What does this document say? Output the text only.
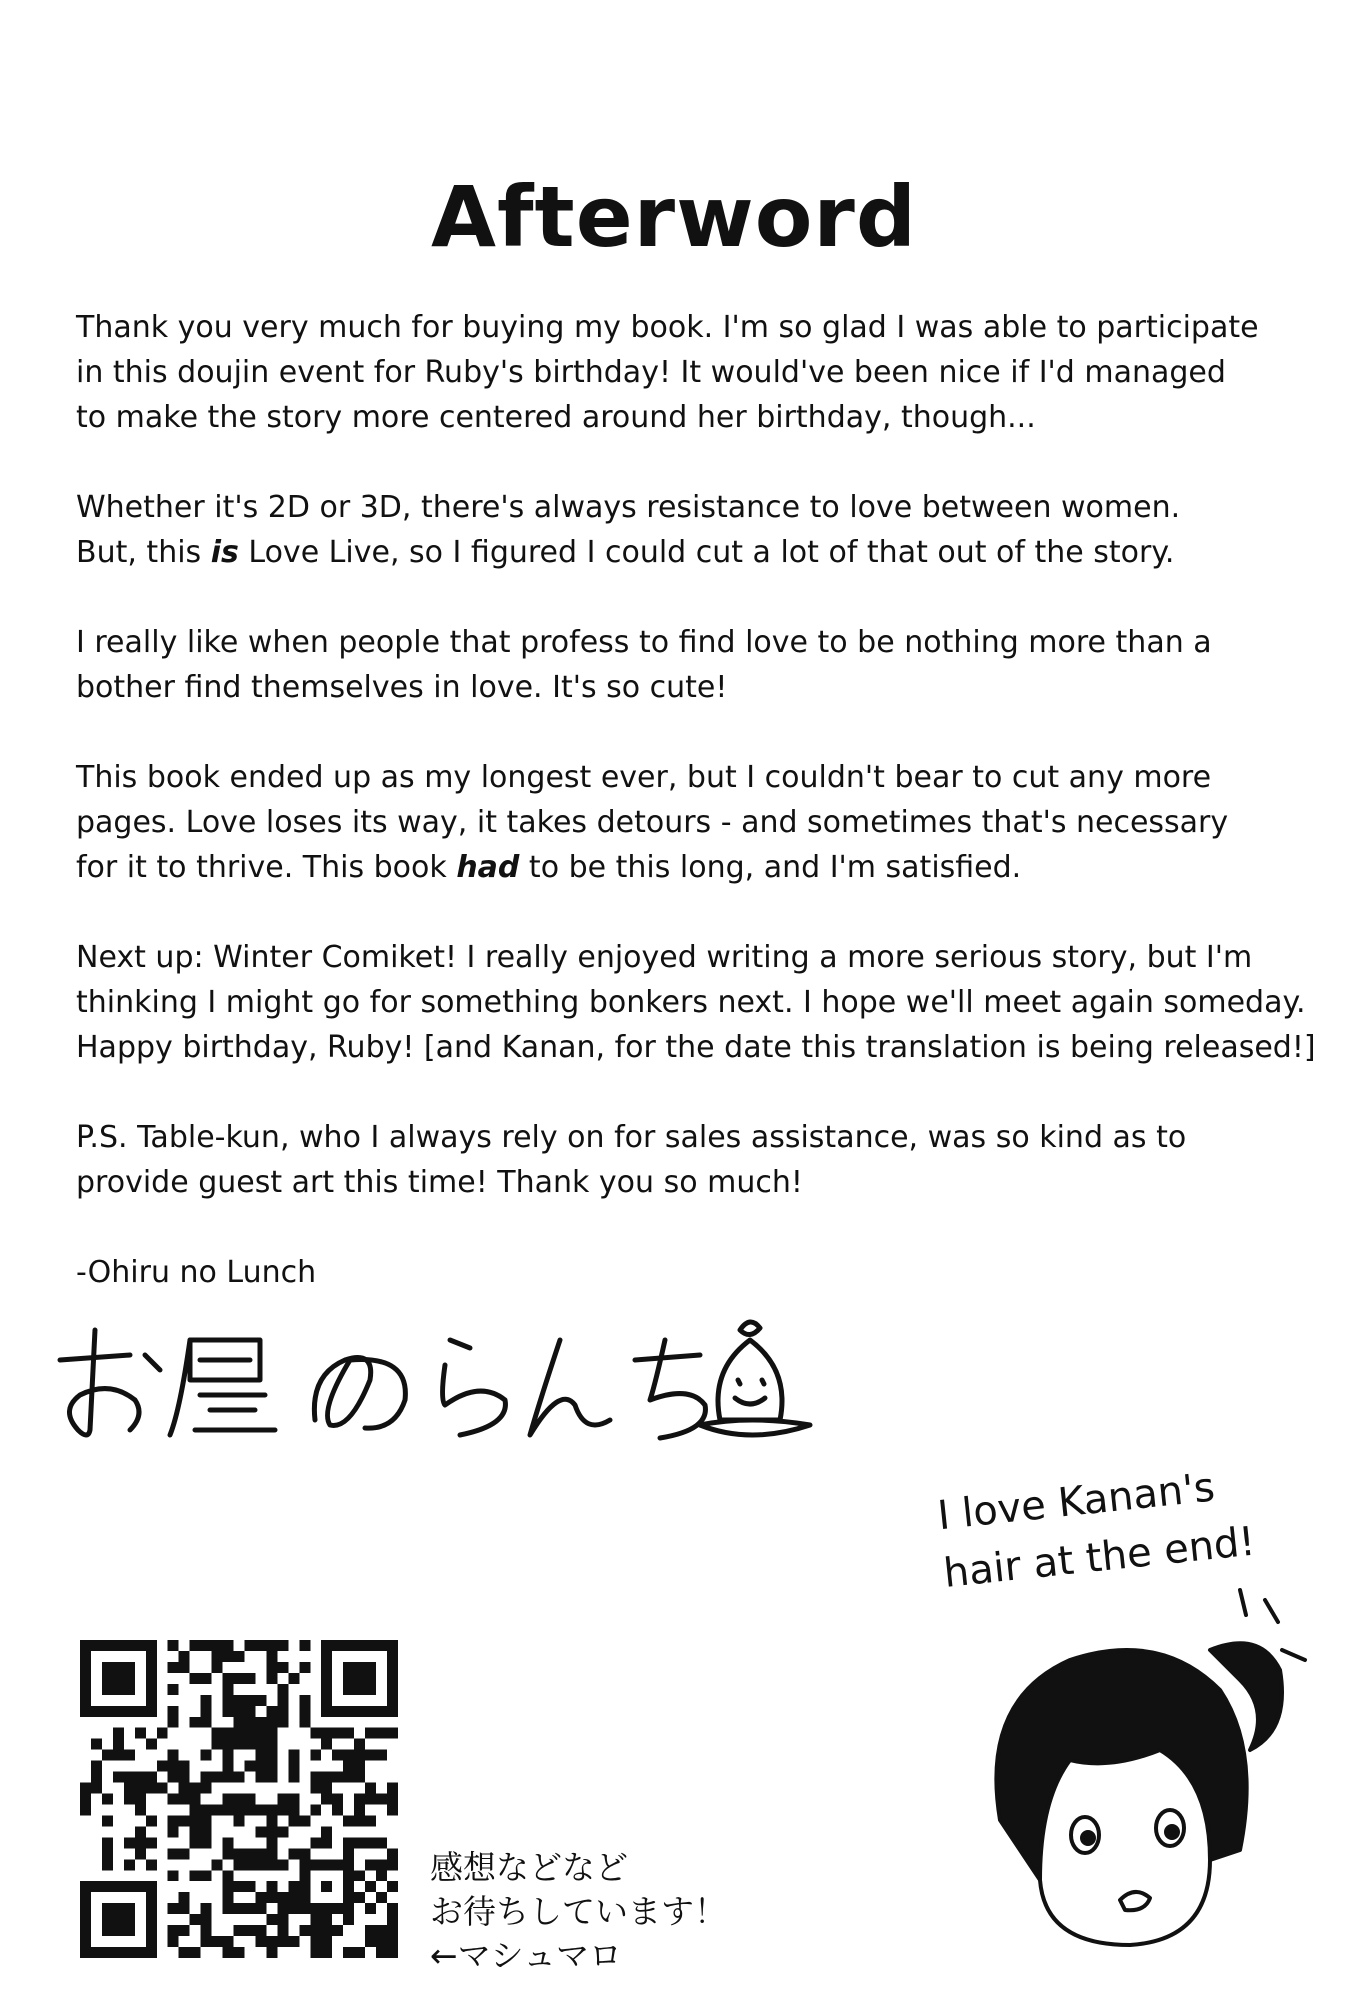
Afterword

Thank you very much for buying my book. I'm so glad I was able to participate
in this doujin event for Ruby's birthday! It would've been nice if I'd managed
to make the story more centered around her birthday, though...

Whether it's 2D or 3D, there's always resistance to love between women.
But, this is Love Live, so I figured I could cut a lot of that out of the story.

I really like when people that profess to find love to be nothing more than a
bother find themselves in love. It's so cute!

This book ended up as my longest ever, but I couldn't bear to cut any more
pages. Love loses its way, it takes detours - and sometimes that's necessary
for it to thrive. This book had to be this long, and I'm satisfied.

Next up: Winter Comiket! I really enjoyed writing a more serious story, but I'm
thinking I might go for something bonkers next. I hope we'll meet again someday.
Happy birthday, Ruby! [and Kanan, for the date this translation is being released!]

P.S. Table-kun, who I always rely on for sales assistance, was so kind as to
provide guest art this time! Thank you so much!

-Ohiru no Lunch

I love Kanan's
hair at the end!
感想などなど
お待ちしています！
←マシュマロ
